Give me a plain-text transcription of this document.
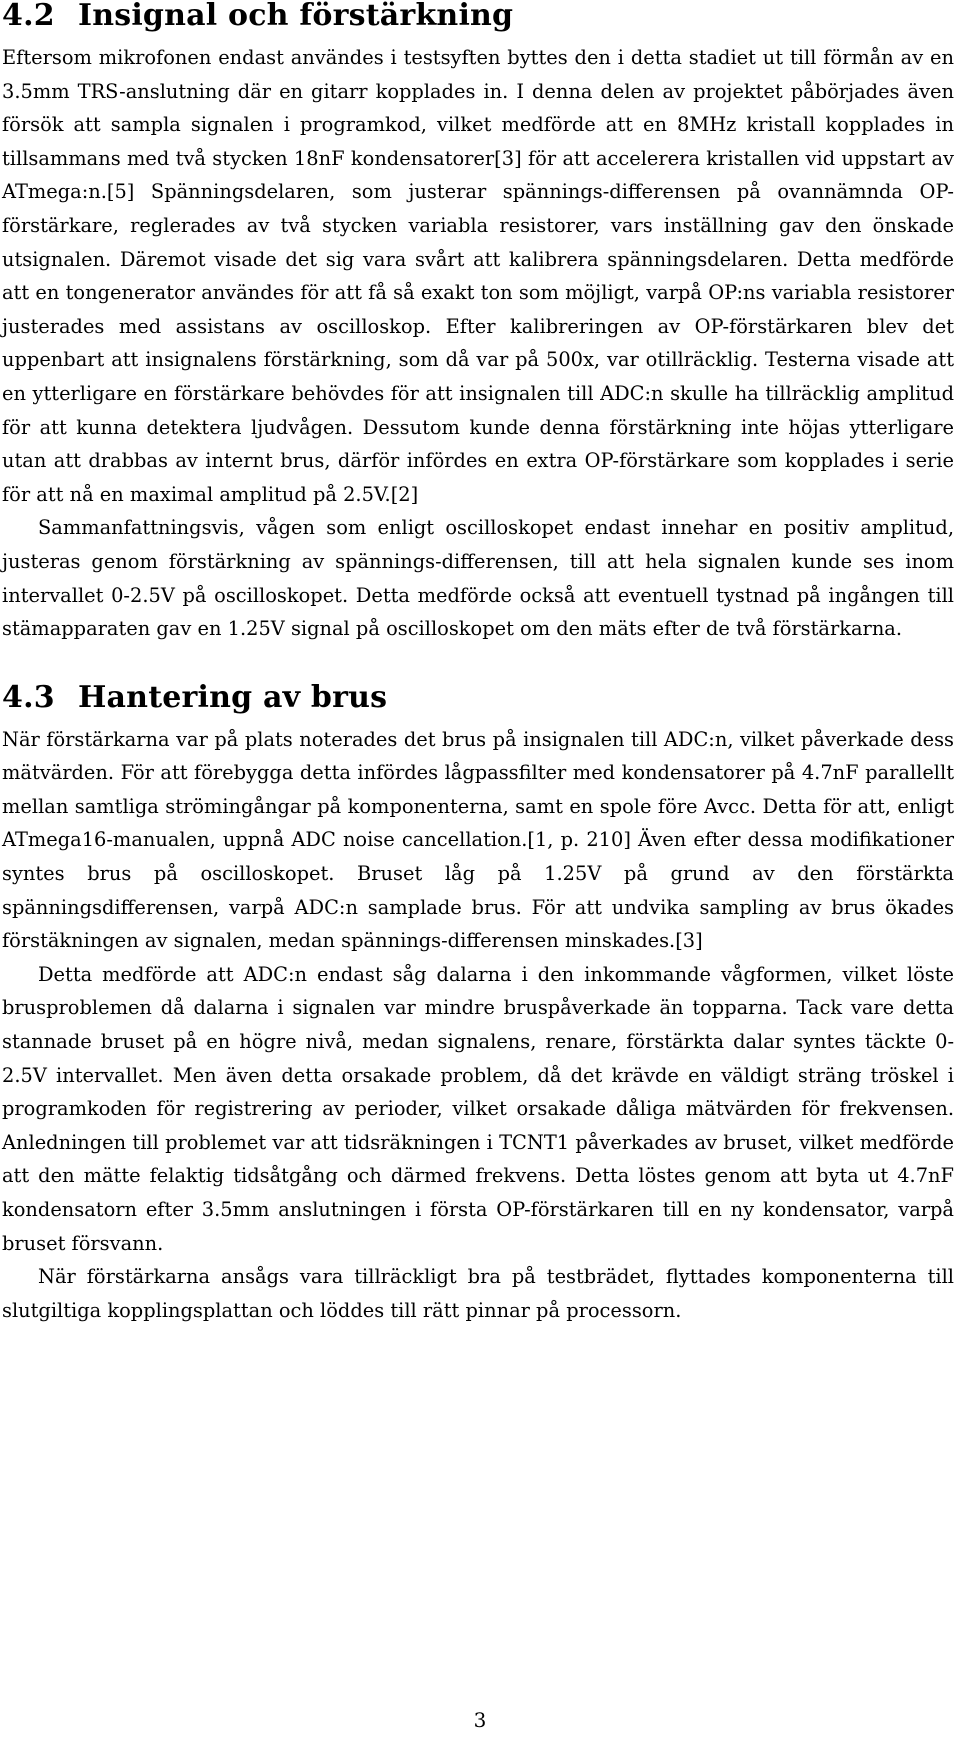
4.2 Insignal och förstärkning

Eftersom mikrofonen endast användes i testsyften byttes den i detta stadiet ut till förmån av en 3.5mm TRS-anslutning där en gitarr kopplades in. I denna delen av projektet påbörjades även försök att sampla signalen i programkod, vilket medförde att en 8MHz kristall kopplades in tillsammans med två stycken 18nF kondensatorer[3] för att accelerera kristallen vid uppstart av ATmega:n.[5] Spänningsdelaren, som justerar spännings-differensen på ovannämnda OP-förstärkare, reglerades av två stycken variabla resistorer, vars inställning gav den önskade utsignalen. Däremot visade det sig vara svårt att kalibrera spänningsdelaren. Detta medförde att en tongenerator användes för att få så exakt ton som möjligt, varpå OP:ns variabla resistorer justerades med assistans av oscilloskop. Efter kalibreringen av OP-förstärkaren blev det uppenbart att insignalens förstärkning, som då var på 500x, var otillräcklig. Testerna visade att en ytterligare en förstärkare behövdes för att insignalen till ADC:n skulle ha tillräcklig amplitud för att kunna detektera ljudvågen. Dessutom kunde denna förstärkning inte höjas ytterligare utan att drabbas av internt brus, därför infördes en extra OP-förstärkare som kopplades i serie för att nå en maximal amplitud på 2.5V.[2]

Sammanfattningsvis, vågen som enligt oscilloskopet endast innehar en positiv amplitud, justeras genom förstärkning av spännings-differensen, till att hela signalen kunde ses inom intervallet 0-2.5V på oscilloskopet. Detta medförde också att eventuell tystnad på ingången till stämapparaten gav en 1.25V signal på oscilloskopet om den mäts efter de två förstärkarna.

4.3 Hantering av brus

När förstärkarna var på plats noterades det brus på insignalen till ADC:n, vilket påverkade dess mätvärden. För att förebygga detta infördes lågpassfilter med kondensatorer på 4.7nF parallellt mellan samtliga strömingångar på komponenterna, samt en spole före Avcc. Detta för att, enligt ATmega16-manualen, uppnå ADC noise cancellation.[1, p. 210] Även efter dessa modifikationer syntes brus på oscilloskopet. Bruset låg på 1.25V på grund av den förstärkta spänningsdifferensen, varpå ADC:n samplade brus. För att undvika sampling av brus ökades förstäkningen av signalen, medan spännings-differensen minskades.[3]

Detta medförde att ADC:n endast såg dalarna i den inkommande vågformen, vilket löste brusproblemen då dalarna i signalen var mindre bruspåverkade än topparna. Tack vare detta stannade bruset på en högre nivå, medan signalens, renare, förstärkta dalar syntes täckte 0-2.5V intervallet. Men även detta orsakade problem, då det krävde en väldigt sträng tröskel i programkoden för registrering av perioder, vilket orsakade dåliga mätvärden för frekvensen. Anledningen till problemet var att tidsräkningen i TCNT1 påverkades av bruset, vilket medförde att den mätte felaktig tidsåtgång och därmed frekvens. Detta löstes genom att byta ut 4.7nF kondensatorn efter 3.5mm anslutningen i första OP-förstärkaren till en ny kondensator, varpå bruset försvann.

När förstärkarna ansågs vara tillräckligt bra på testbrädet, flyttades komponenterna till slutgiltiga kopplingsplattan och löddes till rätt pinnar på processorn.

3
